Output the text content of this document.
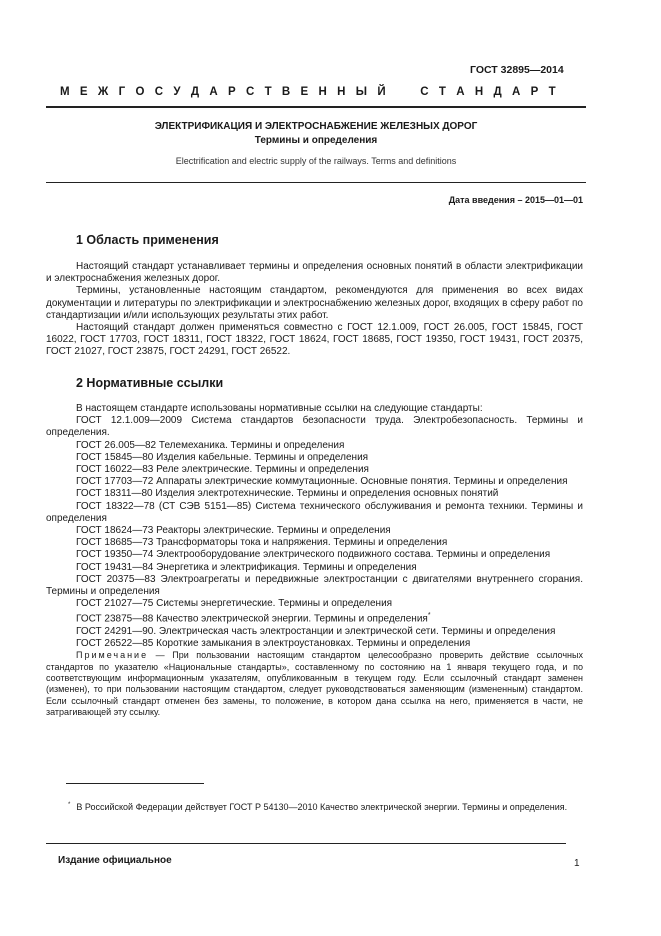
ГОСТ 32895—2014
М Е Ж Г О С У Д А Р С Т В Е Н Н Ы Й	С Т А Н Д А Р Т
ЭЛЕКТРИФИКАЦИЯ И ЭЛЕКТРОСНАБЖЕНИЕ ЖЕЛЕЗНЫХ ДОРОГ
Термины и определения
Electrification and electric supply of the railways. Terms and definitions
Дата введения – 2015—01—01
1 Область применения

Настоящий стандарт устанавливает термины и определения основных понятий в области электрификации и электроснабжения железных дорог.

Термины, установленные настоящим стандартом, рекомендуются для применения во всех видах документации и литературы по электрификации и электроснабжению железных дорог, входящих в сферу работ по стандартизации и/или использующих результаты этих работ.

Настоящий стандарт должен применяться совместно с ГОСТ 12.1.009, ГОСТ 26.005, ГОСТ 15845, ГОСТ 16022, ГОСТ 17703, ГОСТ 18311, ГОСТ 18322, ГОСТ 18624, ГОСТ 18685, ГОСТ 19350, ГОСТ 19431, ГОСТ 20375, ГОСТ 21027, ГОСТ 23875, ГОСТ 24291, ГОСТ 26522.

2 Нормативные ссылки

В настоящем стандарте использованы нормативные ссылки на следующие стандарты:

ГОСТ 12.1.009—2009 Система стандартов безопасности труда. Электробезопасность. Термины и определения.

ГОСТ 26.005—82 Телемеханика. Термины и определения

ГОСТ 15845—80 Изделия кабельные. Термины и определения

ГОСТ 16022—83 Реле электрические. Термины и определения

ГОСТ 17703—72 Аппараты электрические коммутационные. Основные понятия. Термины и определения

ГОСТ 18311—80 Изделия электротехнические. Термины и определения основных понятий

ГОСТ 18322—78 (СТ СЭВ 5151—85) Система технического обслуживания и ремонта техники. Термины и определения

ГОСТ 18624—73 Реакторы электрические. Термины и определения

ГОСТ 18685—73 Трансформаторы тока и напряжения. Термины и определения

ГОСТ 19350—74 Электрооборудование электрического подвижного состава. Термины и определения

ГОСТ 19431—84 Энергетика и электрификация. Термины и определения

ГОСТ 20375—83 Электроагрегаты и передвижные электростанции с двигателями внутреннего сгорания. Термины и определения

ГОСТ 21027—75 Системы энергетические. Термины и определения

ГОСТ 23875—88 Качество электрической энергии. Термины и определения*

ГОСТ 24291—90. Электрическая часть электростанции и электрической сети. Термины и определения

ГОСТ 26522—85 Короткие замыкания в электроустановках. Термины и определения

Примечание — При пользовании настоящим стандартом целесообразно проверить действие ссылочных стандартов по указателю «Национальные стандарты», составленному по состоянию на 1 января текущего года, и по соответствующим информационным указателям, опубликованным в текущем году. Если ссылочный стандарт заменен (изменен), то при пользовании настоящим стандартом, следует руководствоваться заменяющим (измененным) стандартом. Если ссылочный стандарт отменен без замены, то положение, в котором дана ссылка на него, применяется в части, не затрагивающей эту ссылку.

* В Российской Федерации действует ГОСТ Р 54130—2010 Качество электрической энергии. Термины и определения.

Издание официальное	1
